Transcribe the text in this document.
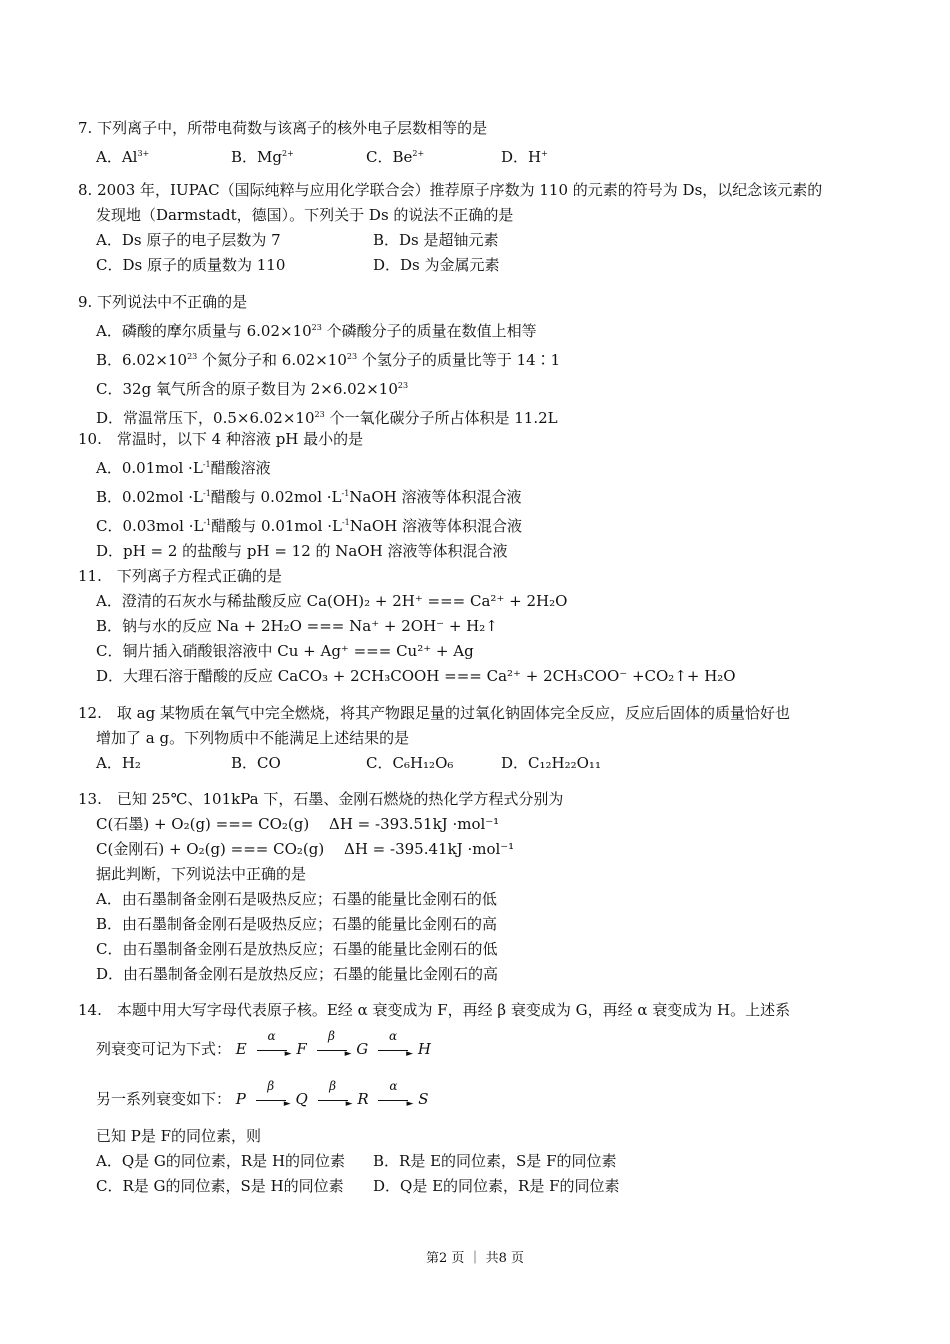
7. 下列离子中，所带电荷数与该离子的核外电子层数相等的是
A．$Al^{3+}$	B．$Mg^{2+}$	C．$Be^{2+}$	D．H+
8. 2003 年，IUPAC（国际纯粹与应用化学联合会）推荐原子序数为 110 的元素的符号为 Ds，以纪念该元素的
发现地（Darmstadt，德国）。下列关于 Ds 的说法不正确的是
A．Ds 原子的电子层数为 7	B．Ds 是超铀元素
C．Ds 原子的质量数为 110	D．Ds 为金属元素
9. 下列说法中不正确的是
A．磷酸的摩尔质量与 $6.02\times 10^{23}$ 个磷酸分子的质量在数值上相等
B．$6.02\times 10^{23}$ 个氮分子和 $6.02\times 10^{23}$ 个氢分子的质量比等于 14∶1
C．32g 氧气所含的原子数目为 $2\times 6.02\times 10^{23}$
D．常温常压下，$0.5\times 6.02\times 10^{23}$ 个一氧化碳分子所占体积是 11.2L
10.　常温时，以下 4 种溶液 pH 最小的是
A．$0.01mol \cdot L^{-1}$醋酸溶液
B．$0.02mol \cdot L^{-1}$醋酸与 $0.02mol \cdot L^{-1}NaOH$ 溶液等体积混合液
C．$0.03mol \cdot L^{-1}$醋酸与 $0.01mol \cdot L^{-1}NaOH$ 溶液等体积混合液
D．pH = 2 的盐酸与 pH = 12 的 NaOH 溶液等体积混合液
11.　下列离子方程式正确的是
A．澄清的石灰水与稀盐酸反应 Ca(OH)₂ + 2H⁺ === Ca²⁺ + 2H₂O
B．钠与水的反应 Na + 2H₂O === Na⁺ + 2OH⁻ + H₂↑
C．铜片插入硝酸银溶液中 Cu + Ag⁺ === Cu²⁺ + Ag
D．大理石溶于醋酸的反应 CaCO₃ + 2CH₃COOH === Ca²⁺ + 2CH₃COO⁻ +CO₂↑+ H₂O
12.　取 ag 某物质在氧气中完全燃烧，将其产物跟足量的过氧化钠固体完全反应，反应后固体的质量恰好也
增加了 a g。下列物质中不能满足上述结果的是
A．H₂	B．CO	C．C₆H₁₂O₆	D．C₁₂H₂₂O₁₁
13.　已知 25℃、101kPa 下，石墨、金刚石燃烧的热化学方程式分别为
C(石墨) + O₂(g) === CO₂(g)　 ΔH = -393.51kJ ·mol⁻¹
C(金刚石) + O₂(g) === CO₂(g)　 ΔH = -395.41kJ ·mol⁻¹
据此判断，下列说法中正确的是
A．由石墨制备金刚石是吸热反应；石墨的能量比金刚石的低
B．由石墨制备金刚石是吸热反应；石墨的能量比金刚石的高
C．由石墨制备金刚石是放热反应；石墨的能量比金刚石的低
D．由石墨制备金刚石是放热反应；石墨的能量比金刚石的高
14.　本题中用大写字母代表原子核。E经 α 衰变成为 F，再经 β 衰变成为 G，再经 α 衰变成为 H。上述系
列衰变可记为下式： E
α
► F
β
► G
α
► H
另一系列衰变如下： P
β
► Q
β
► R
α
► S
已知 P是 F的同位素，则
A．Q是 G的同位素，R是 H的同位素	B．R是 E的同位素，S是 F的同位素
C．R是 G的同位素，S是 H的同位素	D．Q是 E的同位素，R是 F的同位素
第2 页 ｜ 共8 页
